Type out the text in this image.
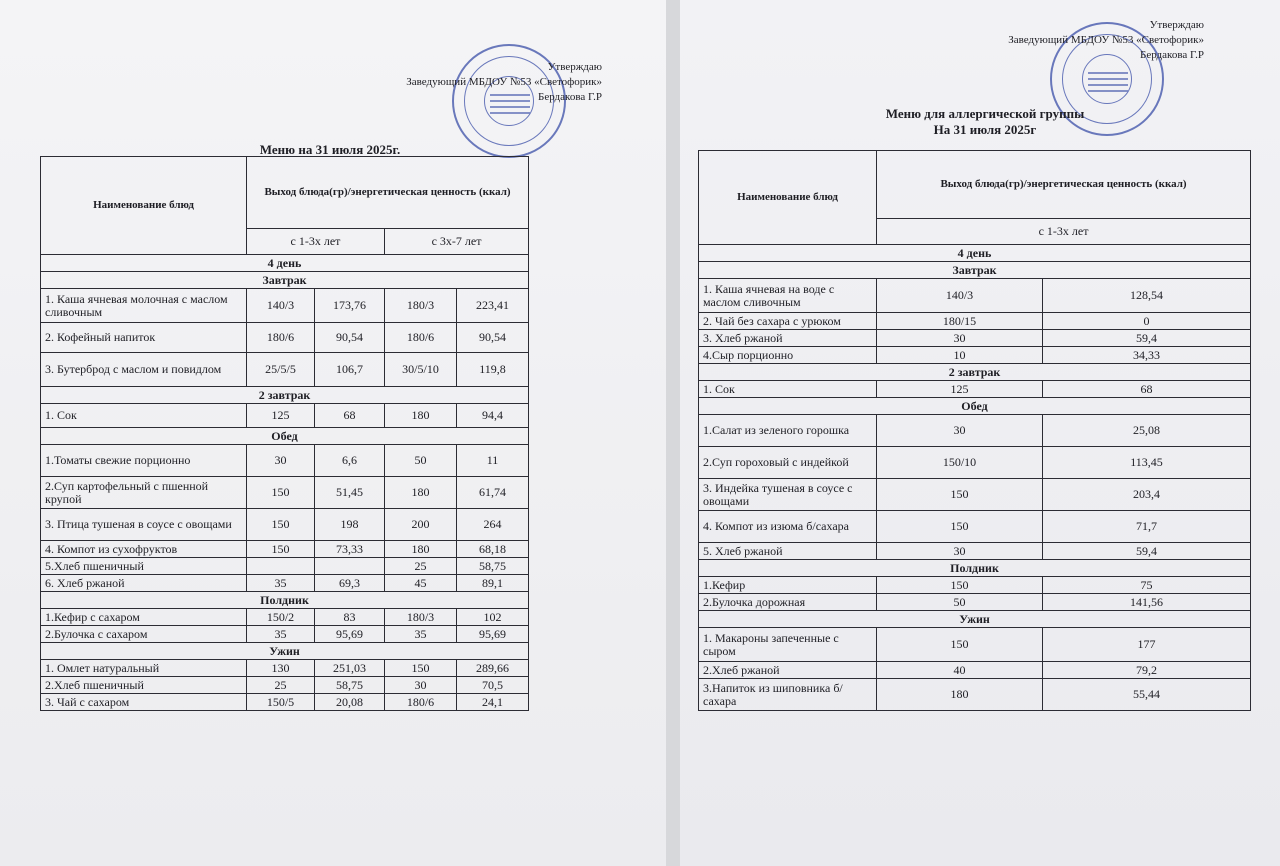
Утверждаю
Заведующий МБДОУ №53 «Светофорик»
Бердакова Г.Р
Меню на 31 июля 2025г.
Наименование блюд	Выход блюда(гр)/энергетическая ценность (ккал)			
	с 1-3х лет		с 3х-7 лет	
4 день				
Завтрак				
1. Каша ячневая молочная с маслом сливочным	140/3	173,76	180/3	223,41
2. Кофейный напиток	180/6	90,54	180/6	90,54
3. Бутерброд с маслом и повидлом	25/5/5	106,7	30/5/10	119,8
2 завтрак				
1. Сок	125	68	180	94,4
Обед				
1.Томаты свежие порционно	30	6,6	50	11
2.Суп картофельный с пшенной крупой	150	51,45	180	61,74
3. Птица тушеная в соусе с овощами	150	198	200	264
4. Компот из сухофруктов	150	73,33	180	68,18
5.Хлеб пшеничный			25	58,75
6. Хлеб ржаной	35	69,3	45	89,1
Полдник				
1.Кефир с сахаром	150/2	83	180/3	102
2.Булочка с сахаром	35	95,69	35	95,69
Ужин				
1. Омлет натуральный	130	251,03	150	289,66
2.Хлеб пшеничный	25	58,75	30	70,5
3. Чай с сахаром	150/5	20,08	180/6	24,1
Утверждаю
Заведующий МБДОУ №53 «Светофорик»
Бердакова Г.Р
Меню для аллергической группы
На 31 июля 2025г
Наименование блюд	Выход блюда(гр)/энергетическая ценность (ккал)	
	с 1-3х лет	
4 день		
Завтрак		
1. Каша ячневая на воде с маслом сливочным	140/3	128,54
2. Чай без сахара с урюком	180/15	0
3. Хлеб ржаной	30	59,4
4.Сыр порционно	10	34,33
2 завтрак		
1. Сок	125	68
Обед		
1.Салат из зеленого горошка	30	25,08
2.Суп гороховый с индейкой	150/10	113,45
3. Индейка тушеная в соусе с овощами	150	203,4
4. Компот из изюма б/сахара	150	71,7
5. Хлеб ржаной	30	59,4
Полдник		
1.Кефир	150	75
2.Булочка дорожная	50	141,56
Ужин		
1. Макароны запеченные с сыром	150	177
2.Хлеб ржаной	40	79,2
3.Напиток из шиповника б/сахара	180	55,44
